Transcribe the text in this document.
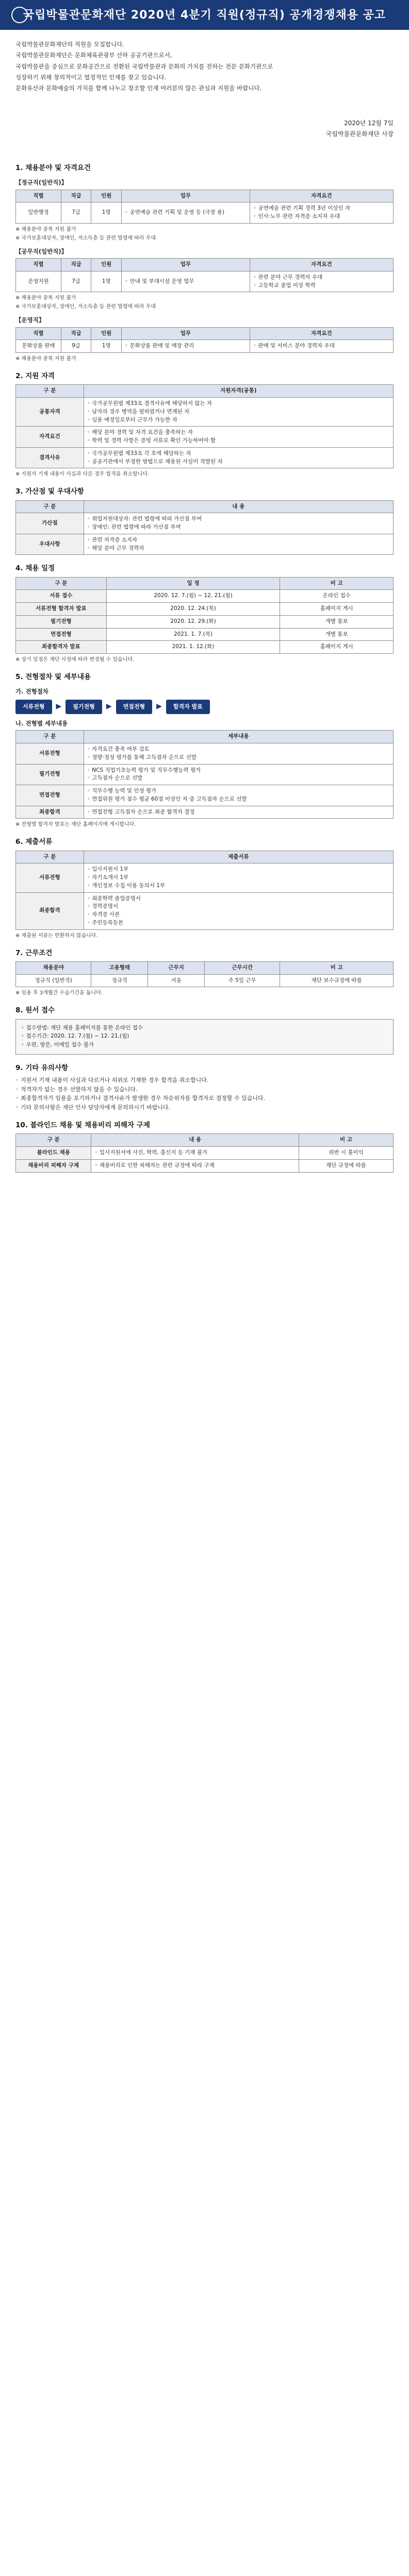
국립박물관문화재단 2020년 4분기 직원(정규직) 공개경쟁채용 공고

국립박물관문화재단의 직원을 모집합니다.

국립박물관문화재단은 문화체육관광부 산하 공공기관으로서,

국립박물관을 중심으로 문화공간으로 전환된 국립박물관과 문화의 가치를 전하는 전문 문화기관으로

성장하기 위해 창의적이고 열정적인 인재를 찾고 있습니다.

문화유산과 문화예술의 가치를 함께 나누고 창조할 인재 여러분의 많은 관심과 지원을 바랍니다.

2020년 12월 7일
국립박물관문화재단 사장
1. 채용분야 및 자격요건
【정규직(일반직)】
직렬	직급	인원	업무	자격요건
일반행정	7급	1명	◦ 공연예술 관련 기획 및 운영 등 (극장 용)	◦ 공연예술 관련 기획 경력 3년 이상인 자
◦ 인사·노무 관련 자격증 소지자 우대
※ 채용분야 중복 지원 불가
※ 국가보훈대상자, 장애인, 저소득층 등 관련 법령에 따라 우대
【공무직(일반직)】
직렬	직급	인원	업무	자격요건
운영지원	7급	1명	◦ 안내 및 부대시설 운영 업무	◦ 관련 분야 근무 경력자 우대
◦ 고등학교 졸업 이상 학력
※ 채용분야 중복 지원 불가
※ 국가보훈대상자, 장애인, 저소득층 등 관련 법령에 따라 우대
【운영직】
직렬	직급	인원	업무	자격요건
문화상품 판매	9급	1명	◦ 문화상품 판매 및 매장 관리	◦ 판매 및 서비스 분야 경력자 우대
※ 채용분야 중복 지원 불가
2. 지원 자격
구 분	지원자격(공통)
공통자격	◦ 국가공무원법 제33조 결격사유에 해당하지 않는 자
◦ 남자의 경우 병역을 필하였거나 면제된 자
◦ 임용 예정일로부터 근무가 가능한 자
자격요건	◦ 해당 분야 경력 및 자격 요건을 충족하는 자
◦ 학력 및 경력 사항은 증빙 서류로 확인 가능하여야 함
결격사유	◦ 국가공무원법 제33조 각 호에 해당하는 자
◦ 공공기관에서 부정한 방법으로 채용된 사실이 적발된 자
※ 지원서 기재 내용이 사실과 다른 경우 합격을 취소합니다.
3. 가산점 및 우대사항
구 분	내 용
가산점	◦ 취업지원대상자: 관련 법령에 따라 가산점 부여
◦ 장애인: 관련 법령에 따라 가산점 부여
우대사항	◦ 관련 자격증 소지자
◦ 해당 분야 근무 경력자
4. 채용 일정
구 분	일 정	비 고
서류 접수	2020. 12. 7.(월) ~ 12. 21.(월)	온라인 접수
서류전형 합격자 발표	2020. 12. 24.(목)	홈페이지 게시
필기전형	2020. 12. 29.(화)	개별 통보
면접전형	2021. 1. 7.(목)	개별 통보
최종합격자 발표	2021. 1. 12.(화)	홈페이지 게시
※ 상기 일정은 재단 사정에 따라 변경될 수 있습니다.
5. 전형절차 및 세부내용
가. 전형절차
서류전형	▶	필기전형	▶	면접전형	▶	합격자 발표
나. 전형별 세부내용
구 분	세부내용
서류전형	◦ 자격요건 충족 여부 검토
◦ 정량·정성 평가를 통해 고득점자 순으로 선발
필기전형	◦ NCS 직업기초능력 평가 및 직무수행능력 평가
◦ 고득점자 순으로 선발
면접전형	◦ 직무수행 능력 및 인성 평가
◦ 면접위원 평가 점수 평균 60점 이상인 자 중 고득점자 순으로 선발
최종합격	◦ 면접전형 고득점자 순으로 최종 합격자 결정
※ 전형별 합격자 발표는 재단 홈페이지에 게시합니다.
6. 제출서류
구 분	제출서류
서류전형	◦ 입사지원서 1부
◦ 자기소개서 1부
◦ 개인정보 수집 이용 동의서 1부
최종합격	◦ 최종학력 졸업증명서
◦ 경력증명서
◦ 자격증 사본
◦ 주민등록등본
※ 제출된 서류는 반환하지 않습니다.
7. 근무조건
채용분야	고용형태	근무지	근무시간	비 고
정규직 (일반직)	정규직	서울	주 5일 근무	재단 보수규정에 따름
※ 임용 후 3개월간 수습기간을 둡니다.
8. 원서 접수
◦ 접수방법: 재단 채용 홈페이지를 통한 온라인 접수
◦ 접수기간: 2020. 12. 7.(월) ~ 12. 21.(월)
◦ 우편, 방문, 이메일 접수 불가
9. 기타 유의사항
◦ 지원서 기재 내용이 사실과 다르거나 허위로 기재한 경우 합격을 취소합니다.
◦ 적격자가 없는 경우 선발하지 않을 수 있습니다.
◦ 최종합격자가 임용을 포기하거나 결격사유가 발생한 경우 차순위자를 합격자로 결정할 수 있습니다.
◦ 기타 문의사항은 재단 인사 담당자에게 문의하시기 바랍니다.
10. 블라인드 채용 및 채용비리 피해자 구제
구 분	내 용	비 고
블라인드 채용	◦ 입사지원서에 사진, 학력, 출신지 등 기재 불가	위반 시 불이익
채용비리 피해자 구제	◦ 채용비리로 인한 피해자는 관련 규정에 따라 구제	재단 규정에 따름
